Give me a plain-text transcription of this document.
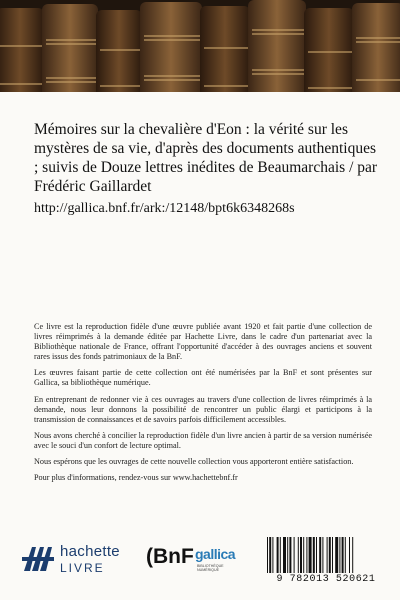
Mémoires sur la chevalière d'Eon : la vérité sur les mystères de sa vie, d'après des documents authentiques ; suivis de Douze lettres inédites de Beaumarchais / par Frédéric Gaillardet
http://gallica.bnf.fr/ark:/12148/bpt6k6348268s

Ce livre est la reproduction fidèle d'une œuvre publiée avant 1920 et fait partie d'une collection de livres réimprimés à la demande éditée par Hachette Livre, dans le cadre d'un partenariat avec la Bibliothèque nationale de France, offrant l'opportunité d'accéder à des ouvrages anciens et souvent rares issus des fonds patrimoniaux de la BnF.

Les œuvres faisant partie de cette collection ont été numérisées par la BnF et sont présentes sur Gallica, sa bibliothèque numérique.

En entreprenant de redonner vie à ces ouvrages au travers d'une collection de livres réimprimés à la demande, nous leur donnons la possibilité de rencontrer un public élargi et participons à la transmission de connaissances et de savoirs parfois difficilement accessibles.

Nous avons cherché à concilier la reproduction fidèle d'un livre ancien à partir de sa version numérisée avec le souci d'un confort de lecture optimal.

Nous espérons que les ouvrages de cette nouvelle collection vous apporteront entière satisfaction.

Pour plus d'informations, rendez-vous sur www.hachettebnf.fr

hachette
LIVRE (BnF gallica
BIBLIOTHÈQUE NUMÉRIQUE
9 782013 520621
